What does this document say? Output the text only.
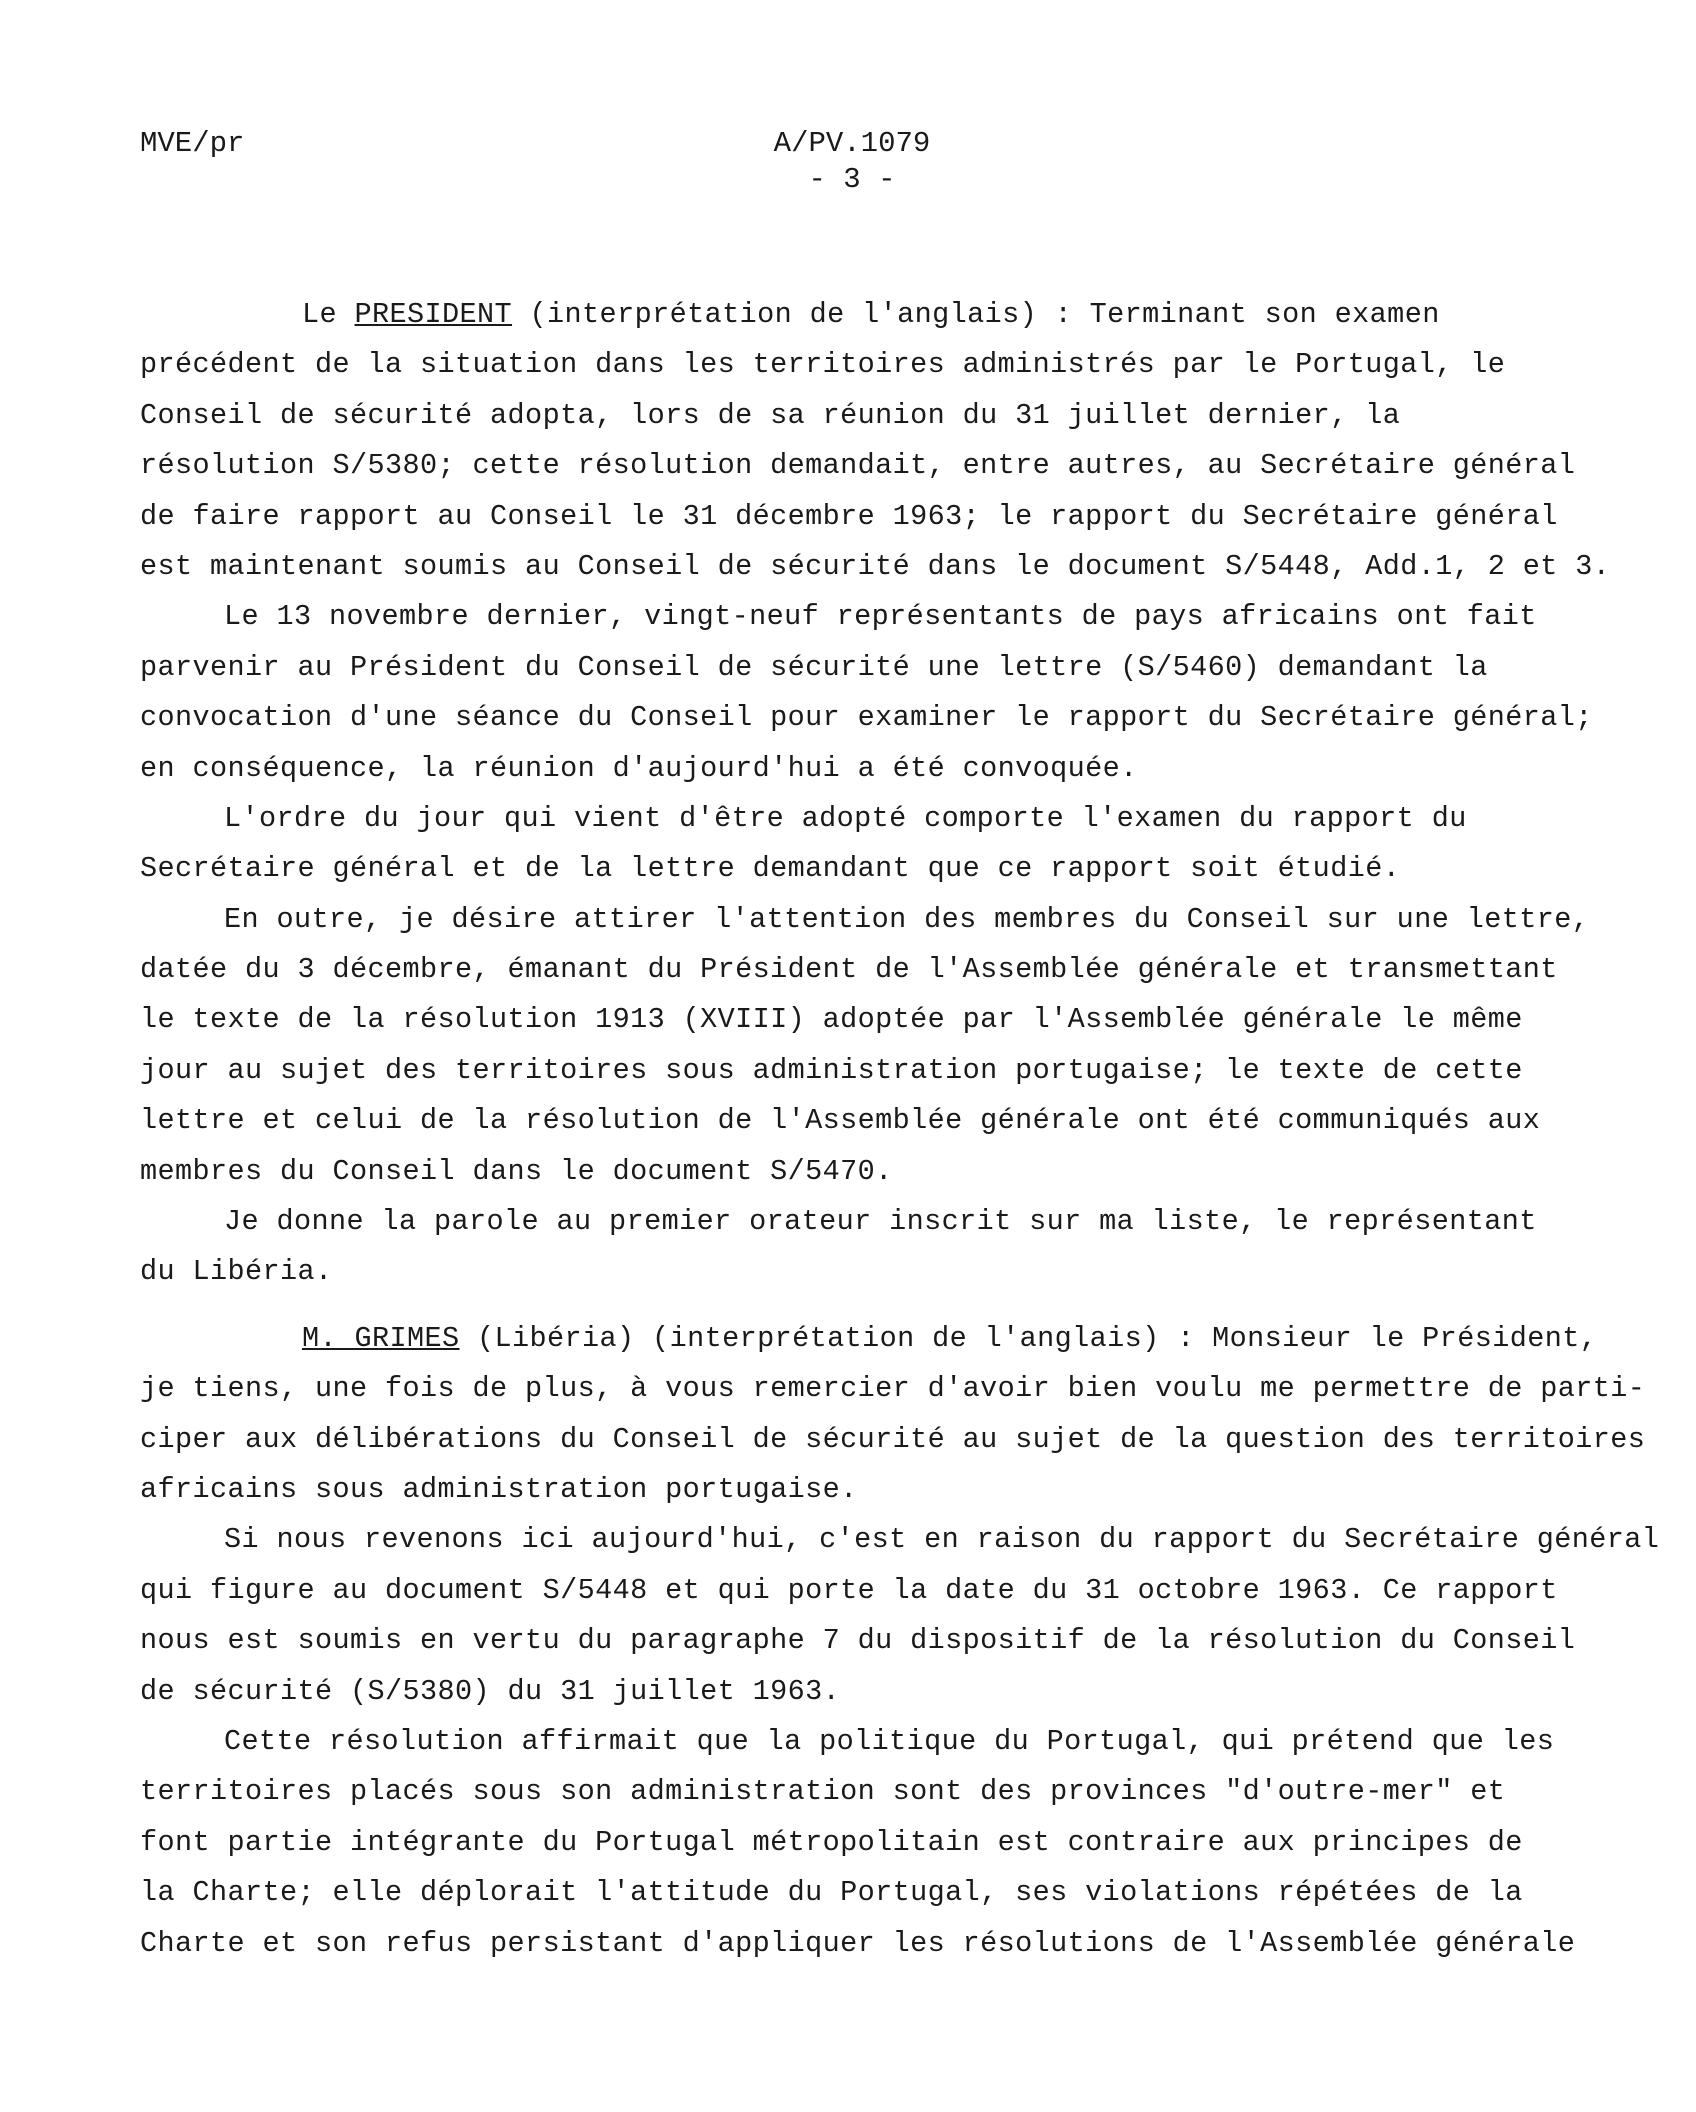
MVE/pr	A/PV.1079
- 3 -
Le PRESIDENT (interprétation de l'anglais) : Terminant son examen
précédent de la situation dans les territoires administrés par le Portugal, le
Conseil de sécurité adopta, lors de sa réunion du 31 juillet dernier, la
résolution S/5380; cette résolution demandait, entre autres, au Secrétaire général
de faire rapport au Conseil le 31 décembre 1963; le rapport du Secrétaire général
est maintenant soumis au Conseil de sécurité dans le document S/5448, Add.1, 2 et 3.
Le 13 novembre dernier, vingt-neuf représentants de pays africains ont fait
parvenir au Président du Conseil de sécurité une lettre (S/5460) demandant la
convocation d'une séance du Conseil pour examiner le rapport du Secrétaire général;
en conséquence, la réunion d'aujourd'hui a été convoquée.
L'ordre du jour qui vient d'être adopté comporte l'examen du rapport du
Secrétaire général et de la lettre demandant que ce rapport soit étudié.
En outre, je désire attirer l'attention des membres du Conseil sur une lettre,
datée du 3 décembre, émanant du Président de l'Assemblée générale et transmettant
le texte de la résolution 1913 (XVIII) adoptée par l'Assemblée générale le même
jour au sujet des territoires sous administration portugaise; le texte de cette
lettre et celui de la résolution de l'Assemblée générale ont été communiqués aux
membres du Conseil dans le document S/5470.
Je donne la parole au premier orateur inscrit sur ma liste, le représentant
du Libéria.
M. GRIMES (Libéria) (interprétation de l'anglais) : Monsieur le Président,
je tiens, une fois de plus, à vous remercier d'avoir bien voulu me permettre de parti-
ciper aux délibérations du Conseil de sécurité au sujet de la question des territoires
africains sous administration portugaise.
Si nous revenons ici aujourd'hui, c'est en raison du rapport du Secrétaire général
qui figure au document S/5448 et qui porte la date du 31 octobre 1963. Ce rapport
nous est soumis en vertu du paragraphe 7 du dispositif de la résolution du Conseil
de sécurité (S/5380) du 31 juillet 1963.
Cette résolution affirmait que la politique du Portugal, qui prétend que les
territoires placés sous son administration sont des provinces "d'outre-mer" et
font partie intégrante du Portugal métropolitain est contraire aux principes de
la Charte; elle déplorait l'attitude du Portugal, ses violations répétées de la
Charte et son refus persistant d'appliquer les résolutions de l'Assemblée générale
